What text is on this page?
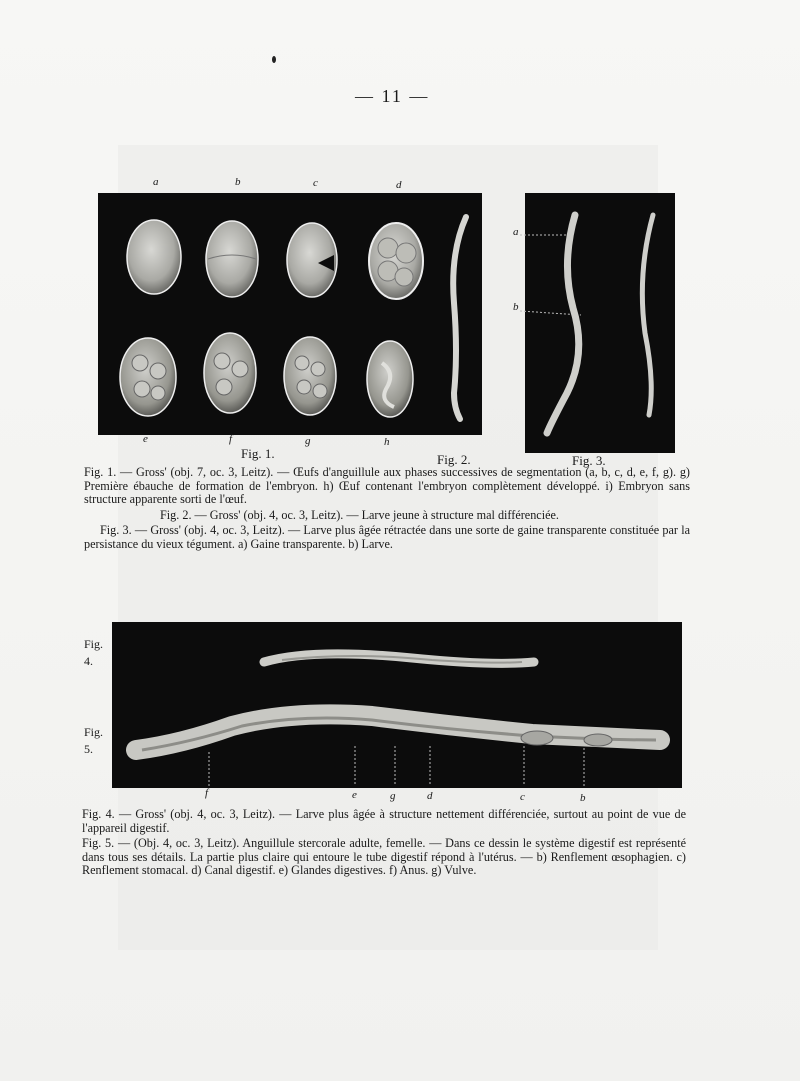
— 11 —
a	b	c	d
e	f	g	h
a
b
Fig. 1.	Fig. 2.	Fig. 3.

Fig. 1. — Gross' (obj. 7, oc. 3, Leitz). — Œufs d'anguillule aux phases successives de segmentation (a, b, c, d, e, f, g). g) Première ébauche de formation de l'embryon. h) Œuf contenant l'embryon complètement développé. i) Embryon sans structure apparente sorti de l'œuf.

Fig. 2. — Gross' (obj. 4, oc. 3, Leitz). — Larve jeune à structure mal différenciée.

Fig. 3. — Gross' (obj. 4, oc. 3, Leitz). — Larve plus âgée rétractée dans une sorte de gaine transparente constituée par la persistance du vieux tégument. a) Gaine transparente. b) Larve.

Fig.
4.
Fig.
5.
f	e	g	d	c	b

Fig. 4. — Gross' (obj. 4, oc. 3, Leitz). — Larve plus âgée à structure nettement différenciée, surtout au point de vue de l'appareil digestif.

Fig. 5. — (Obj. 4, oc. 3, Leitz). Anguillule stercorale adulte, femelle. — Dans ce dessin le système digestif est représenté dans tous ses détails. La partie plus claire qui entoure le tube digestif répond à l'utérus. — b) Renflement œsophagien. c) Renflement stomacal. d) Canal digestif. e) Glandes digestives. f) Anus. g) Vulve.
